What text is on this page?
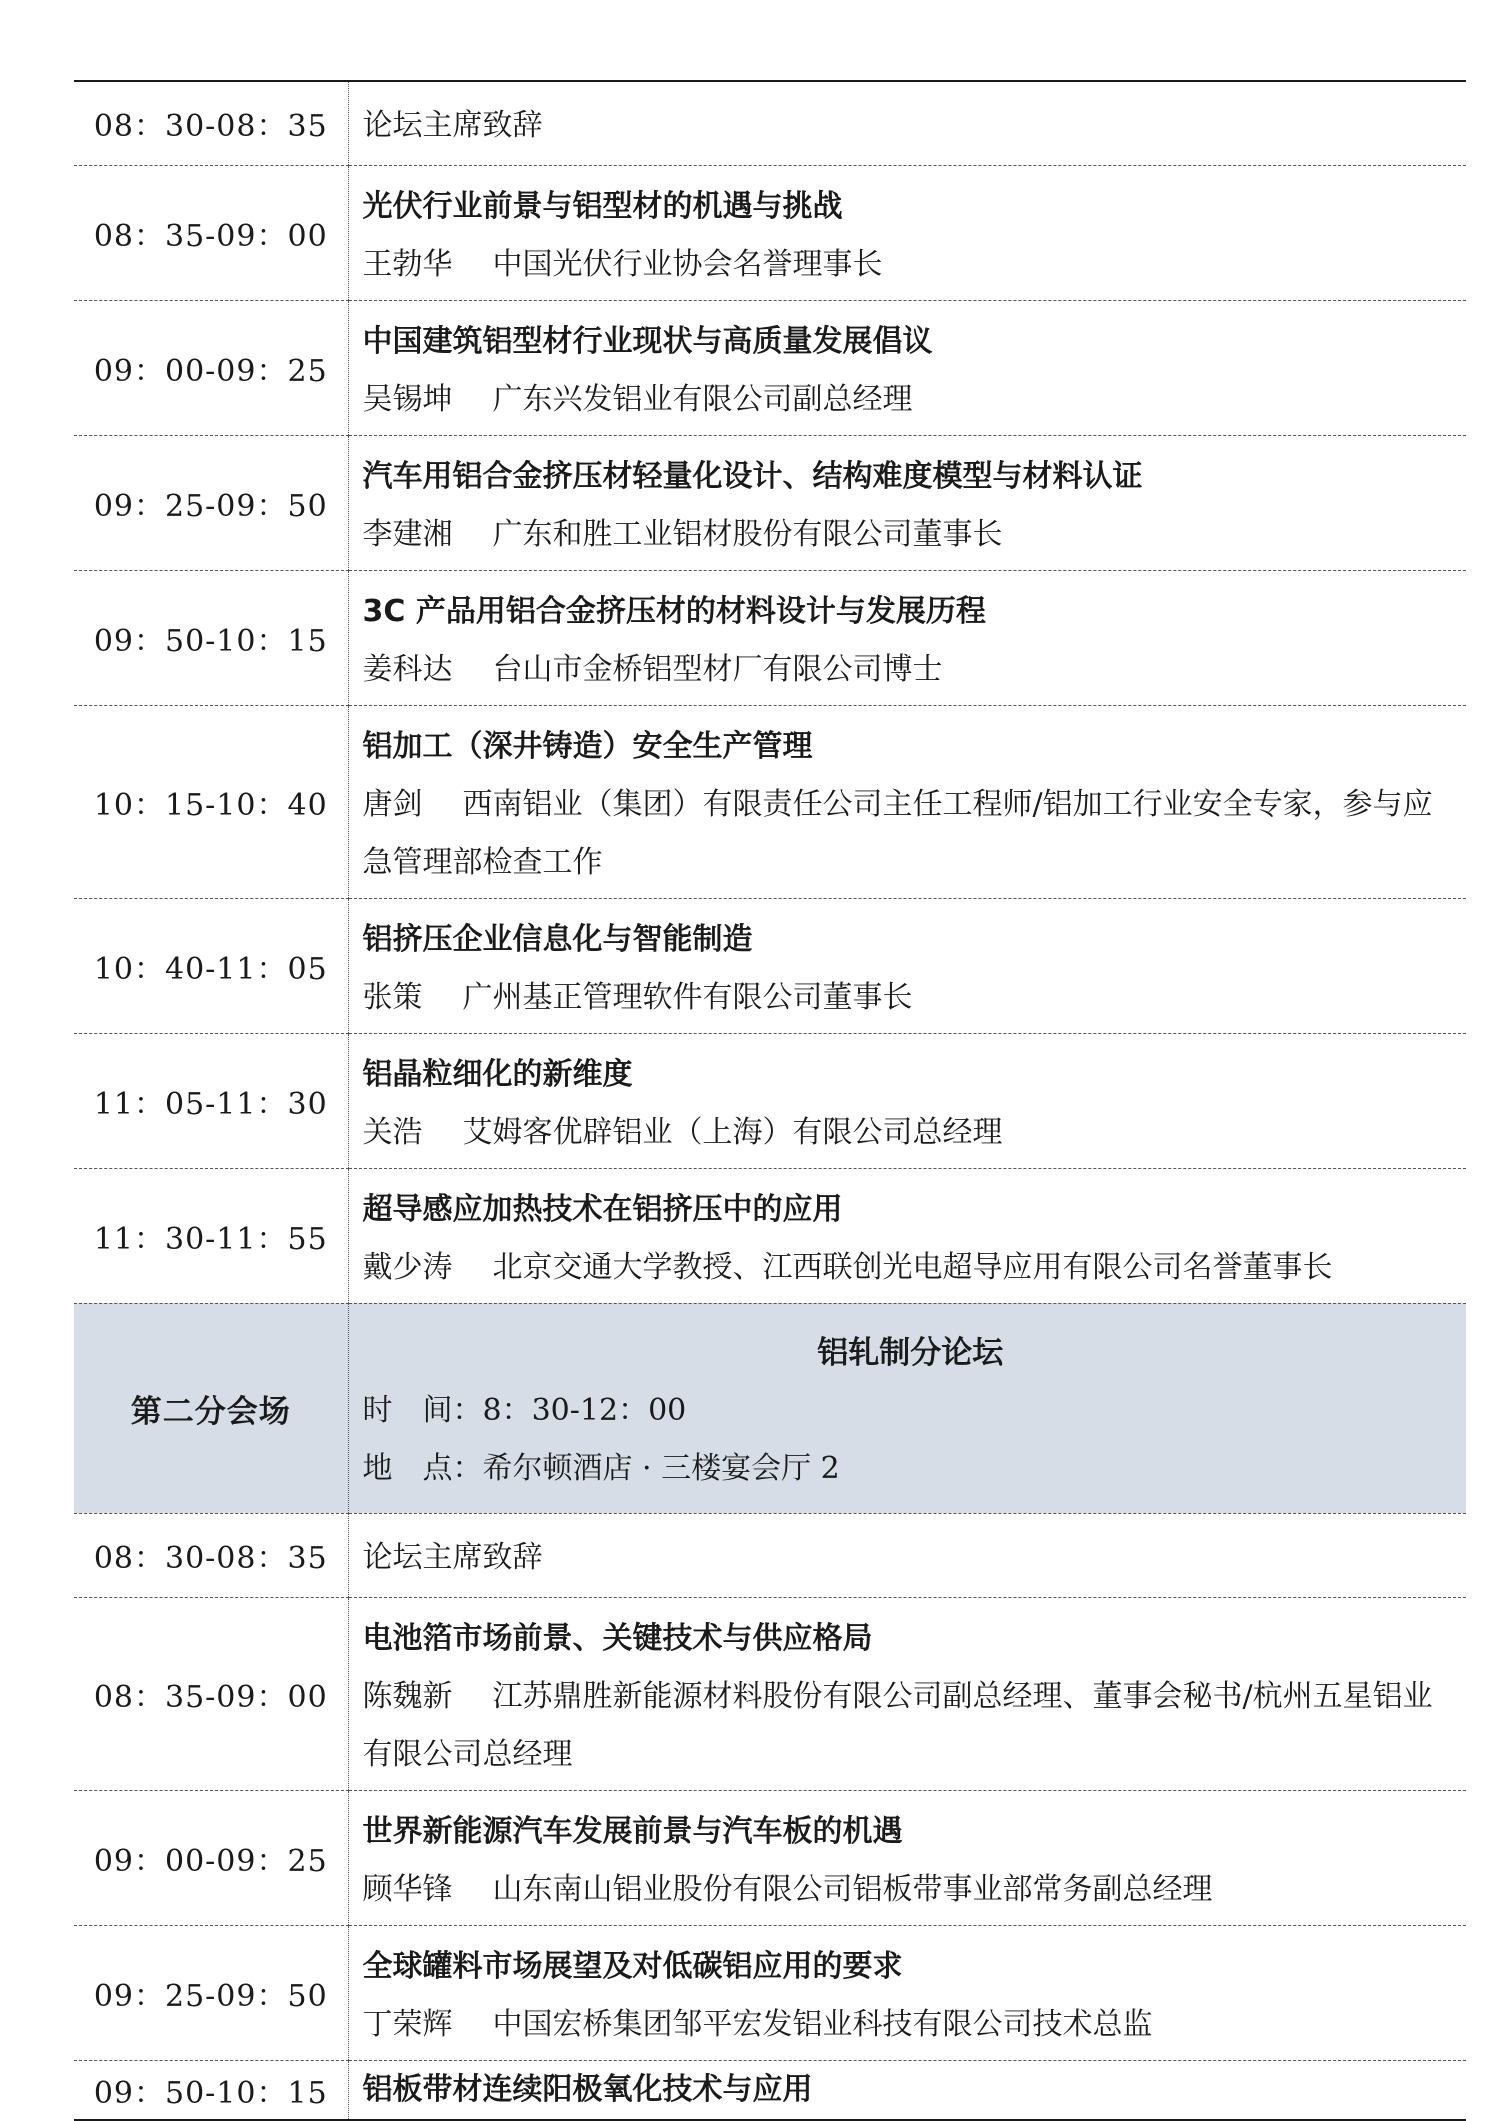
08：30-08：35	论坛主席致辞

08：35-09：00	光伏行业前景与铝型材的机遇与挑战
王勃华 中国光伏行业协会名誉理事长

09：00-09：25	中国建筑铝型材行业现状与高质量发展倡议
吴锡坤 广东兴发铝业有限公司副总经理

09：25-09：50	汽车用铝合金挤压材轻量化设计、结构难度模型与材料认证
李建湘 广东和胜工业铝材股份有限公司董事长

09：50-10：15	3C 产品用铝合金挤压材的材料设计与发展历程
姜科达 台山市金桥铝型材厂有限公司博士

10：15-10：40	铝加工（深井铸造）安全生产管理
唐剑 西南铝业（集团）有限责任公司主任工程师/铝加工行业安全专家，参与应急管理部检查工作

10：40-11：05	铝挤压企业信息化与智能制造
张策 广州基正管理软件有限公司董事长

11：05-11：30	铝晶粒细化的新维度
关浩 艾姆客优辟铝业（上海）有限公司总经理

11：30-11：55	超导感应加热技术在铝挤压中的应用
戴少涛 北京交通大学教授、江西联创光电超导应用有限公司名誉董事长

第二分会场	铝轧制分论坛
时　间：8：30-12：00
地　点：希尔顿酒店 · 三楼宴会厅 2

08：30-08：35	论坛主席致辞

08：35-09：00	电池箔市场前景、关键技术与供应格局
陈魏新 江苏鼎胜新能源材料股份有限公司副总经理、董事会秘书/杭州五星铝业有限公司总经理

09：00-09：25	世界新能源汽车发展前景与汽车板的机遇
顾华锋 山东南山铝业股份有限公司铝板带事业部常务副总经理

09：25-09：50	全球罐料市场展望及对低碳铝应用的要求
丁荣辉 中国宏桥集团邹平宏发铝业科技有限公司技术总监

09：50-10：15	铝板带材连续阳极氧化技术与应用
